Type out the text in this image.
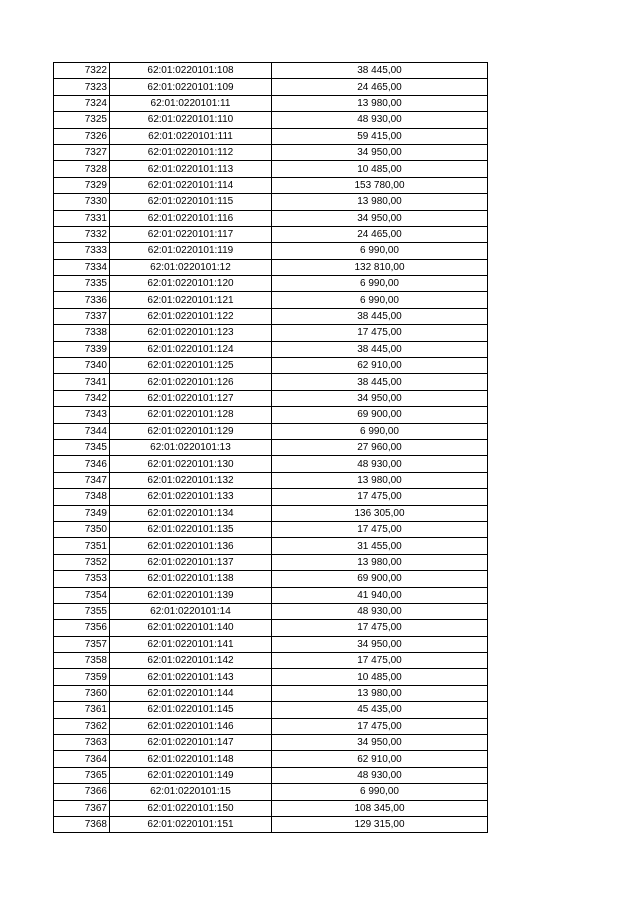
7322	62:01:0220101:108	38 445,00
7323	62:01:0220101:109	24 465,00
7324	62:01:0220101:11	13 980,00
7325	62:01:0220101:110	48 930,00
7326	62:01:0220101:111	59 415,00
7327	62:01:0220101:112	34 950,00
7328	62:01:0220101:113	10 485,00
7329	62:01:0220101:114	153 780,00
7330	62:01:0220101:115	13 980,00
7331	62:01:0220101:116	34 950,00
7332	62:01:0220101:117	24 465,00
7333	62:01:0220101:119	6 990,00
7334	62:01:0220101:12	132 810,00
7335	62:01:0220101:120	6 990,00
7336	62:01:0220101:121	6 990,00
7337	62:01:0220101:122	38 445,00
7338	62:01:0220101:123	17 475,00
7339	62:01:0220101:124	38 445,00
7340	62:01:0220101:125	62 910,00
7341	62:01:0220101:126	38 445,00
7342	62:01:0220101:127	34 950,00
7343	62:01:0220101:128	69 900,00
7344	62:01:0220101:129	6 990,00
7345	62:01:0220101:13	27 960,00
7346	62:01:0220101:130	48 930,00
7347	62:01:0220101:132	13 980,00
7348	62:01:0220101:133	17 475,00
7349	62:01:0220101:134	136 305,00
7350	62:01:0220101:135	17 475,00
7351	62:01:0220101:136	31 455,00
7352	62:01:0220101:137	13 980,00
7353	62:01:0220101:138	69 900,00
7354	62:01:0220101:139	41 940,00
7355	62:01:0220101:14	48 930,00
7356	62:01:0220101:140	17 475,00
7357	62:01:0220101:141	34 950,00
7358	62:01:0220101:142	17 475,00
7359	62:01:0220101:143	10 485,00
7360	62:01:0220101:144	13 980,00
7361	62:01:0220101:145	45 435,00
7362	62:01:0220101:146	17 475,00
7363	62:01:0220101:147	34 950,00
7364	62:01:0220101:148	62 910,00
7365	62:01:0220101:149	48 930,00
7366	62:01:0220101:15	6 990,00
7367	62:01:0220101:150	108 345,00
7368	62:01:0220101:151	129 315,00
